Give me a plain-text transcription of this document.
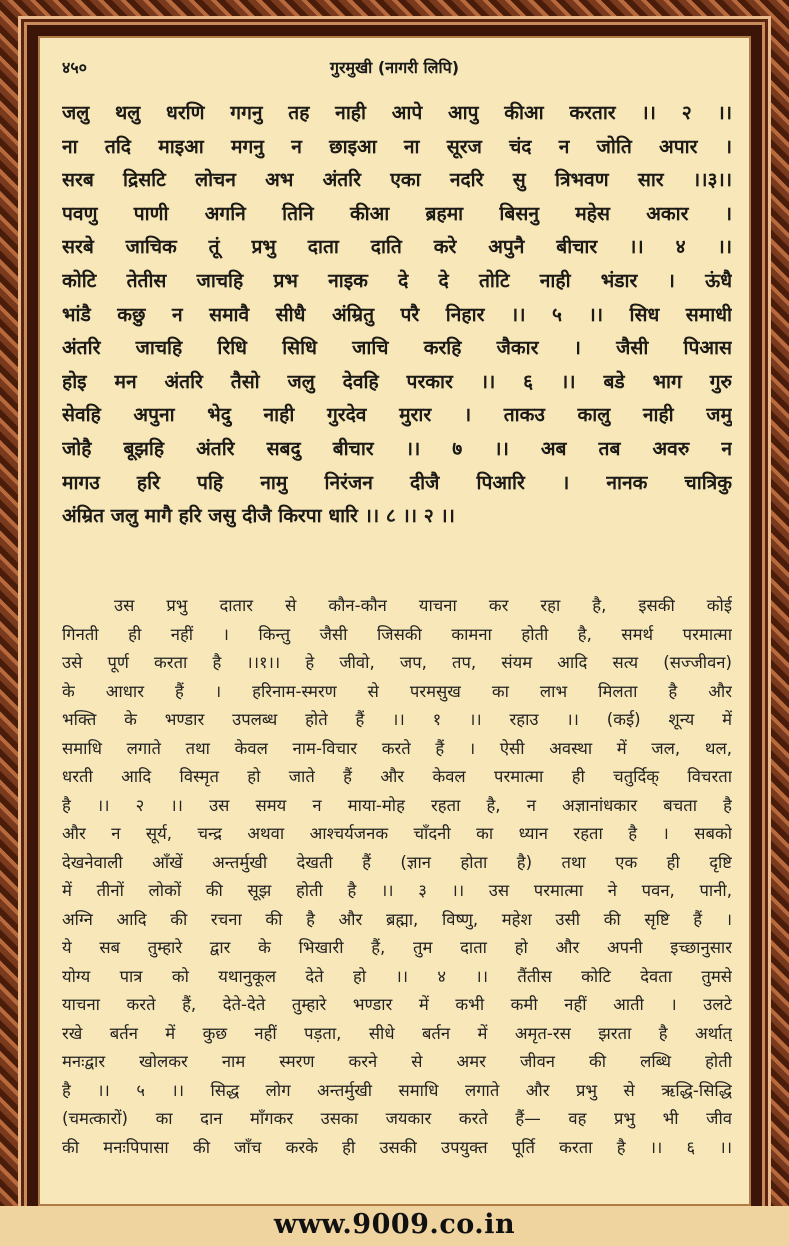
४५०	गुरमुखी (नागरी लिपि)
जलु थलु धरणि गगनु तह नाही आपे आपु कीआ करतार ।। २ ।।
ना तदि माइआ मगनु न छाइआ ना सूरज चंद न जोति अपार ।
सरब द्रिसटि लोचन अभ अंतरि एका नदरि सु त्रिभवण सार ।।३।।
पवणु पाणी अगनि तिनि कीआ ब्रहमा बिसनु महेस अकार ।
सरबे जाचिक तूं प्रभु दाता दाति करे अपुनै बीचार ।। ४ ।।
कोटि तेतीस जाचहि प्रभ नाइक दे दे तोटि नाही भंडार । ऊंधै
भांडै कछु न समावै सीधै अंम्रितु परै निहार ।। ५ ।। सिध समाधी
अंतरि जाचहि रिधि सिधि जाचि करहि जैकार । जैसी पिआस
होइ मन अंतरि तैसो जलु देवहि परकार ।। ६ ।। बडे भाग गुरु
सेवहि अपुना भेदु नाही गुरदेव मुरार । ताकउ कालु नाही जमु
जोहै बूझहि अंतरि सबदु बीचार ।। ७ ।। अब तब अवरु न
मागउ हरि पहि नामु निरंजन दीजै पिआरि । नानक चात्रिकु
अंम्रित जलु मागै हरि जसु दीजै किरपा धारि ।। ८ ।। २ ।।
उस प्रभु दातार से कौन-कौन याचना कर रहा है, इसकी कोई
गिनती ही नहीं । किन्तु जैसी जिसकी कामना होती है, समर्थ परमात्मा
उसे पूर्ण करता है ।।१।। हे जीवो, जप, तप, संयम आदि सत्य (सज्जीवन)
के आधार हैं । हरिनाम-स्मरण से परमसुख का लाभ मिलता है और
भक्ति के भण्डार उपलब्ध होते हैं ।। १ ।। रहाउ ।। (कई) शून्य में
समाधि लगाते तथा केवल नाम-विचार करते हैं । ऐसी अवस्था में जल, थल,
धरती आदि विस्मृत हो जाते हैं और केवल परमात्मा ही चतुर्दिक् विचरता
है ।। २ ।। उस समय न माया-मोह रहता है, न अज्ञानांधकार बचता है
और न सूर्य, चन्द्र अथवा आश्चर्यजनक चाँदनी का ध्यान रहता है । सबको
देखनेवाली आँखें अन्तर्मुखी देखती हैं (ज्ञान होता है) तथा एक ही दृष्टि
में तीनों लोकों की सूझ होती है ।। ३ ।। उस परमात्मा ने पवन, पानी,
अग्नि आदि की रचना की है और ब्रह्मा, विष्णु, महेश उसी की सृष्टि हैं ।
ये सब तुम्हारे द्वार के भिखारी हैं, तुम दाता हो और अपनी इच्छानुसार
योग्य पात्र को यथानुकूल देते हो ।। ४ ।। तैंतीस कोटि देवता तुमसे
याचना करते हैं, देते-देते तुम्हारे भण्डार में कभी कमी नहीं आती । उलटे
रखे बर्तन में कुछ नहीं पड़ता, सीधे बर्तन में अमृत-रस झरता है अर्थात्
मनःद्वार खोलकर नाम स्मरण करने से अमर जीवन की लब्धि होती
है ।। ५ ।। सिद्ध लोग अन्तर्मुखी समाधि लगाते और प्रभु से ऋद्धि-सिद्धि
(चमत्कारों) का दान माँगकर उसका जयकार करते हैं— वह प्रभु भी जीव
की मनःपिपासा की जाँच करके ही उसकी उपयुक्त पूर्ति करता है ।। ६ ।।
www.9009.co.in
